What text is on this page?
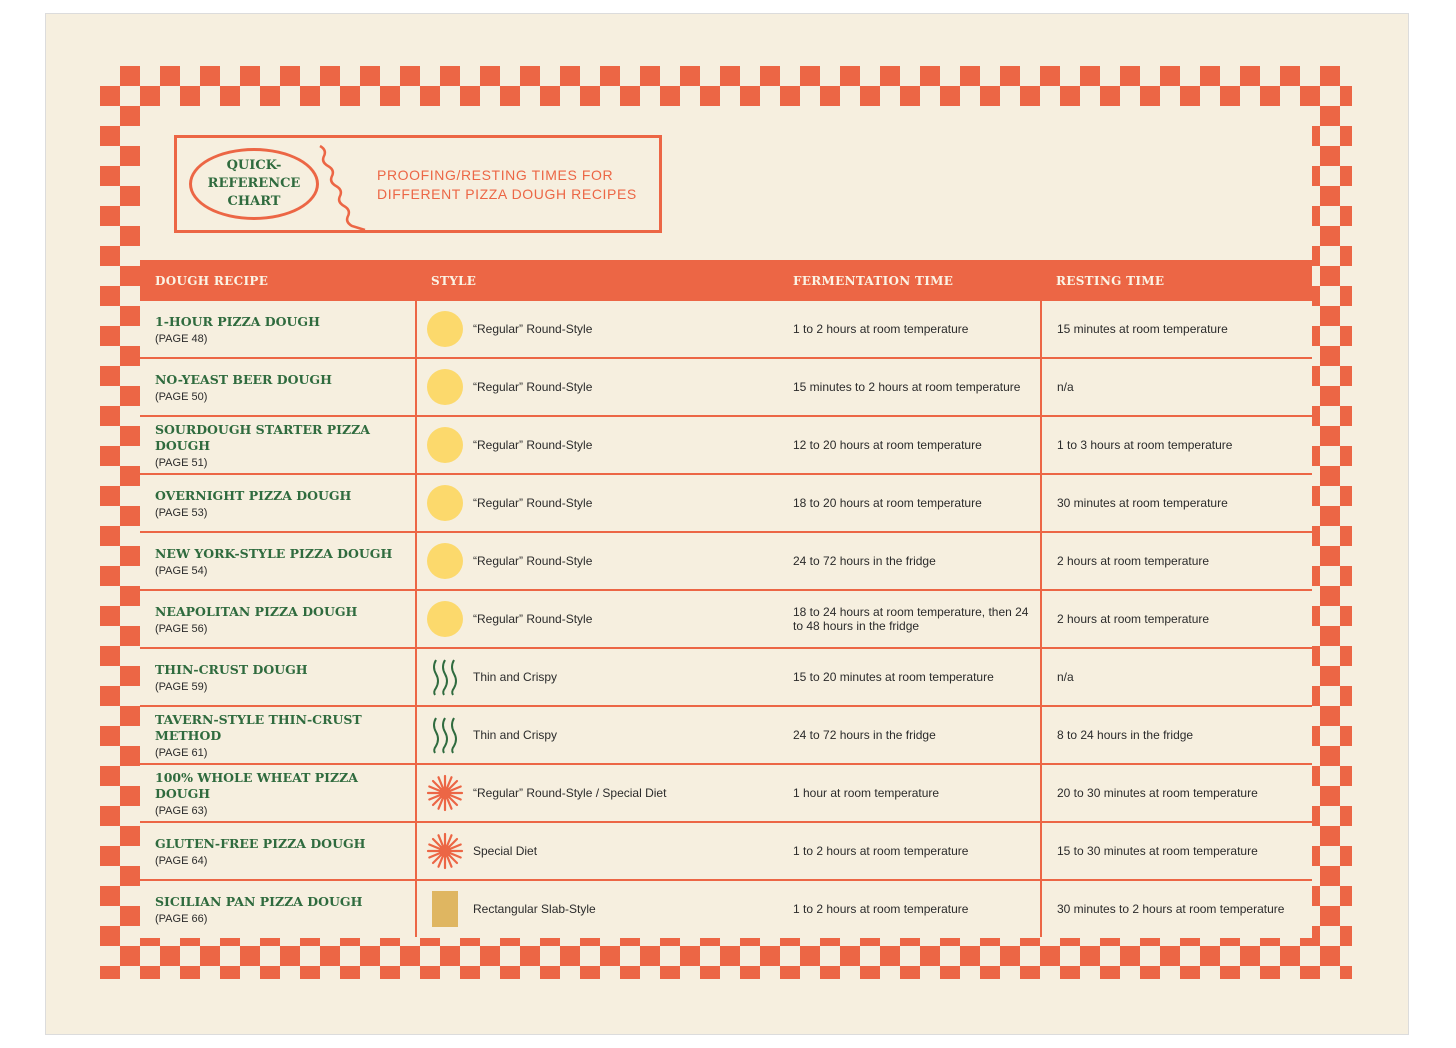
QUICK-REFERENCE CHART
PROOFING/RESTING TIMES FOR DIFFERENT PIZZA DOUGH RECIPES
DOUGH RECIPE	STYLE	FERMENTATION TIME	RESTING TIME

1-HOUR PIZZA DOUGH
(PAGE 48)	“Regular” Round-Style	1 to 2 hours at room temperature	15 minutes at room temperature

NO-YEAST BEER DOUGH
(PAGE 50)	“Regular” Round-Style	15 minutes to 2 hours at room temperature	n/a

SOURDOUGH STARTER PIZZA DOUGH
(PAGE 51)	“Regular” Round-Style	12 to 20 hours at room temperature	1 to 3 hours at room temperature

OVERNIGHT PIZZA DOUGH
(PAGE 53)	“Regular” Round-Style	18 to 20 hours at room temperature	30 minutes at room temperature

NEW YORK-STYLE PIZZA DOUGH
(PAGE 54)	“Regular” Round-Style	24 to 72 hours in the fridge	2 hours at room temperature

NEAPOLITAN PIZZA DOUGH
(PAGE 56)	“Regular” Round-Style	18 to 24 hours at room temperature, then 24 to 48 hours in the fridge	2 hours at room temperature

THIN-CRUST DOUGH
(PAGE 59)	Thin and Crispy	15 to 20 minutes at room temperature	n/a

TAVERN-STYLE THIN-CRUST METHOD
(PAGE 61)	Thin and Crispy	24 to 72 hours in the fridge	8 to 24 hours in the fridge

100% WHOLE WHEAT PIZZA DOUGH
(PAGE 63)	“Regular” Round-Style / Special Diet	1 hour at room temperature	20 to 30 minutes at room temperature

GLUTEN-FREE PIZZA DOUGH
(PAGE 64)	Special Diet	1 to 2 hours at room temperature	15 to 30 minutes at room temperature

SICILIAN PAN PIZZA DOUGH
(PAGE 66)	Rectangular Slab-Style	1 to 2 hours at room temperature	30 minutes to 2 hours at room temperature
